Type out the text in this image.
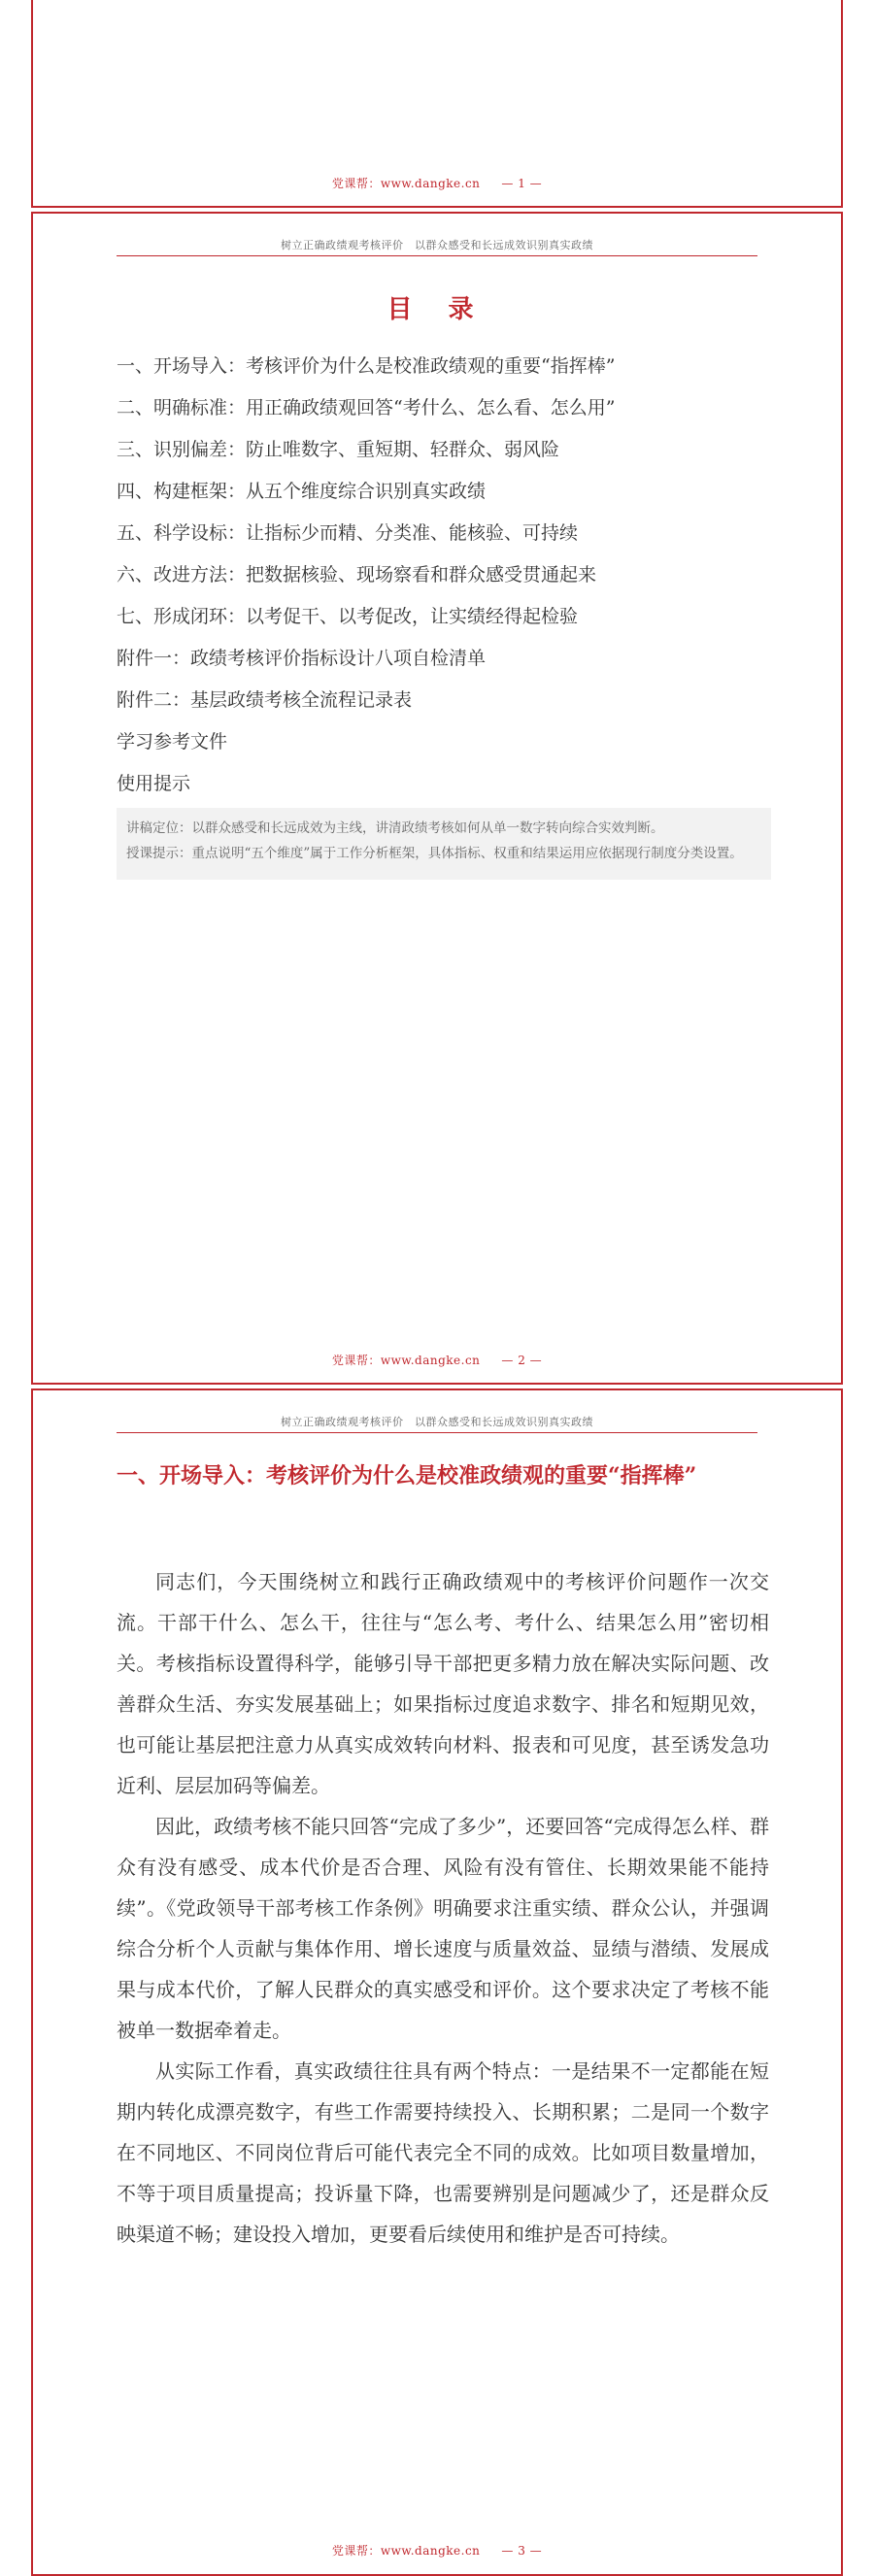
党课帮：www.dangke.cn — 1 —
树立正确政绩观考核评价　以群众感受和长远成效识别真实政绩
目 录
一、开场导入：考核评价为什么是校准政绩观的重要“指挥棒”
二、明确标准：用正确政绩观回答“考什么、怎么看、怎么用”
三、识别偏差：防止唯数字、重短期、轻群众、弱风险
四、构建框架：从五个维度综合识别真实政绩
五、科学设标：让指标少而精、分类准、能核验、可持续
六、改进方法：把数据核验、现场察看和群众感受贯通起来
七、形成闭环：以考促干、以考促改，让实绩经得起检验
附件一：政绩考核评价指标设计八项自检清单
附件二：基层政绩考核全流程记录表
学习参考文件
使用提示

讲稿定位：以群众感受和长远成效为主线，讲清政绩考核如何从单一数字转向综合实效判断。

授课提示：重点说明“五个维度”属于工作分析框架，具体指标、权重和结果运用应依据现行制度分类设置。

党课帮：www.dangke.cn — 2 —
树立正确政绩观考核评价　以群众感受和长远成效识别真实政绩
一、开场导入：考核评价为什么是校准政绩观的重要“指挥棒”

同志们，今天围绕树立和践行正确政绩观中的考核评价问题作一次交流。干部干什么、怎么干，往往与“怎么考、考什么、结果怎么用”密切相关。考核指标设置得科学，能够引导干部把更多精力放在解决实际问题、改善群众生活、夯实发展基础上；如果指标过度追求数字、排名和短期见效，也可能让基层把注意力从真实成效转向材料、报表和可见度，甚至诱发急功近利、层层加码等偏差。

因此，政绩考核不能只回答“完成了多少”，还要回答“完成得怎么样、群众有没有感受、成本代价是否合理、风险有没有管住、长期效果能不能持续”。《党政领导干部考核工作条例》明确要求注重实绩、群众公认，并强调综合分析个人贡献与集体作用、增长速度与质量效益、显绩与潜绩、发展成果与成本代价，了解人民群众的真实感受和评价。这个要求决定了考核不能被单一数据牵着走。

从实际工作看，真实政绩往往具有两个特点：一是结果不一定都能在短期内转化成漂亮数字，有些工作需要持续投入、长期积累；二是同一个数字在不同地区、不同岗位背后可能代表完全不同的成效。比如项目数量增加，不等于项目质量提高；投诉量下降，也需要辨别是问题减少了，还是群众反映渠道不畅；建设投入增加，更要看后续使用和维护是否可持续。

党课帮：www.dangke.cn — 3 —
